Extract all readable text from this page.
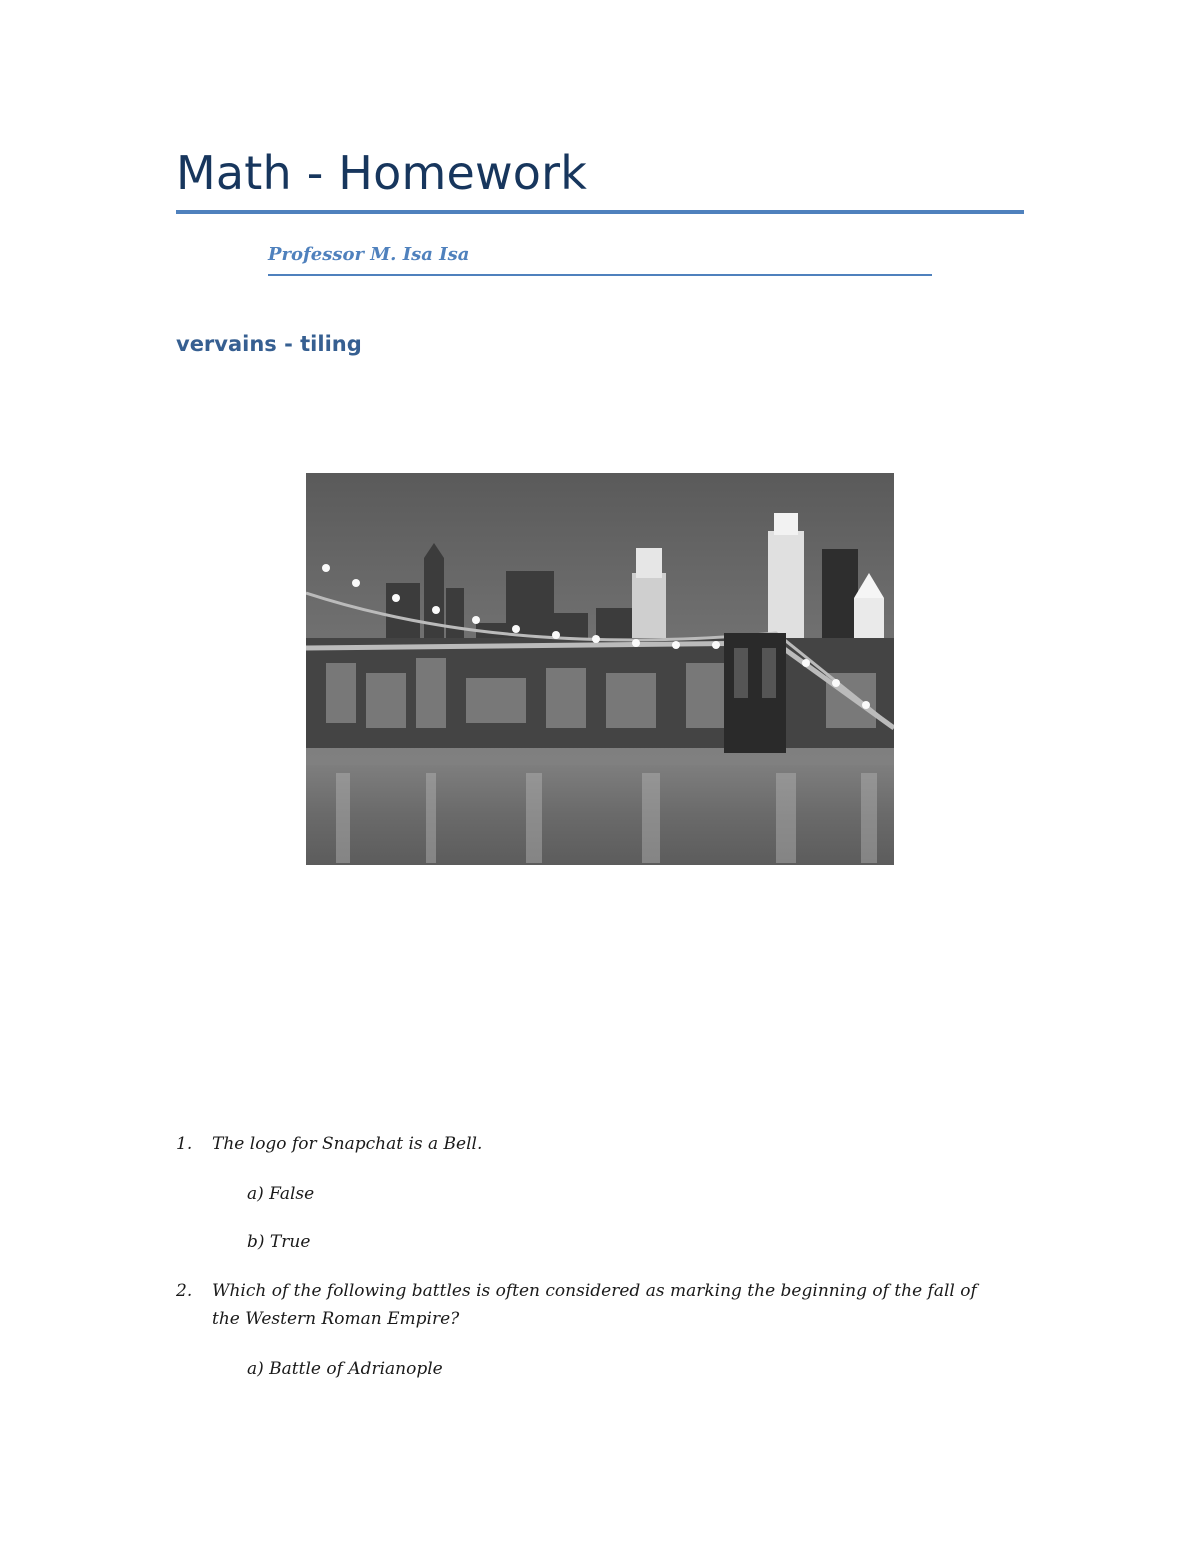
Math - Homework
Professor M. Isa Isa
vervains - tiling
1.	The logo for Snapchat is a Bell.
a) False
b) True
2.	Which of the following battles is often considered as marking the beginning of the fall of the Western Roman Empire?
a) Battle of Adrianople
